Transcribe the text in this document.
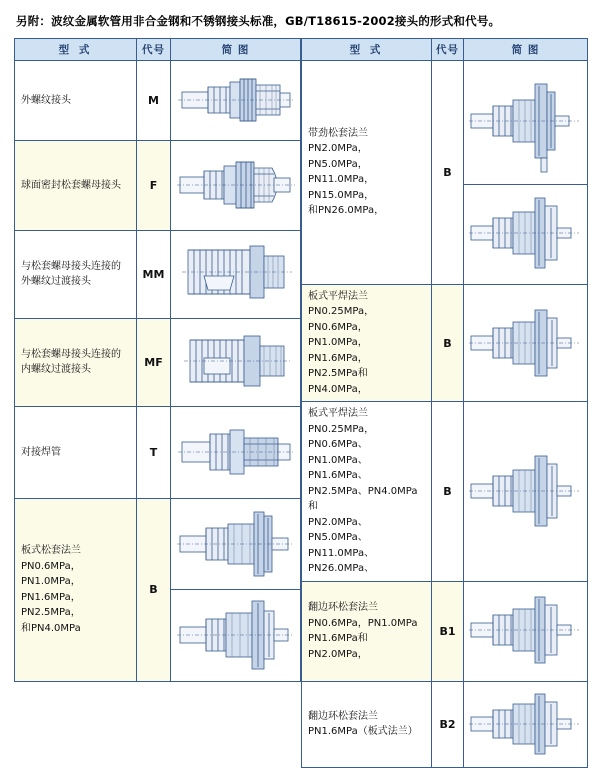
另附：波纹金属软管用非合金钢和不锈钢接头标准，GB/T18615-2002接头的形式和代号。
型 式	代号	简 图

外螺纹接头	M	

球面密封松套螺母接头	F	

与松套螺母接头连接的外螺纹过渡接头	MM	

与松套螺母接头连接的内螺纹过渡接头	MF	

对接焊管	T	

板式松套法兰
PN0.6MPa，PN1.0MPa，
PN1.6MPa，PN2.5MPa，
和PN4.0MPa	B	
型 式	代号	简 图

带劲松套法兰
PN2.0MPa，PN5.0MPa，
PN11.0MPa，PN15.0MPa，
和PN26.0MPa，	B	

板式平焊法兰
PN0.25MPa，PN0.6MPa，
PN1.0MPa，PN1.6MPa，
PN2.5MPa和PN4.0MPa，	B	

板式平焊法兰
PN0.25MPa，PN0.6MPa、
PN1.0MPa、PN1.6MPa、
PN2.5MPa、PN4.0MPa 和
PN2.0MPa、PN5.0MPa、
PN11.0MPa、PN26.0MPa、
	B	

翻边环松套法兰
PN0.6MPa，PN1.0MPa
PN1.6MPa和PN2.0MPa，	B1	

翻边环松套法兰
PN1.6MPa（板式法兰）	B2	
